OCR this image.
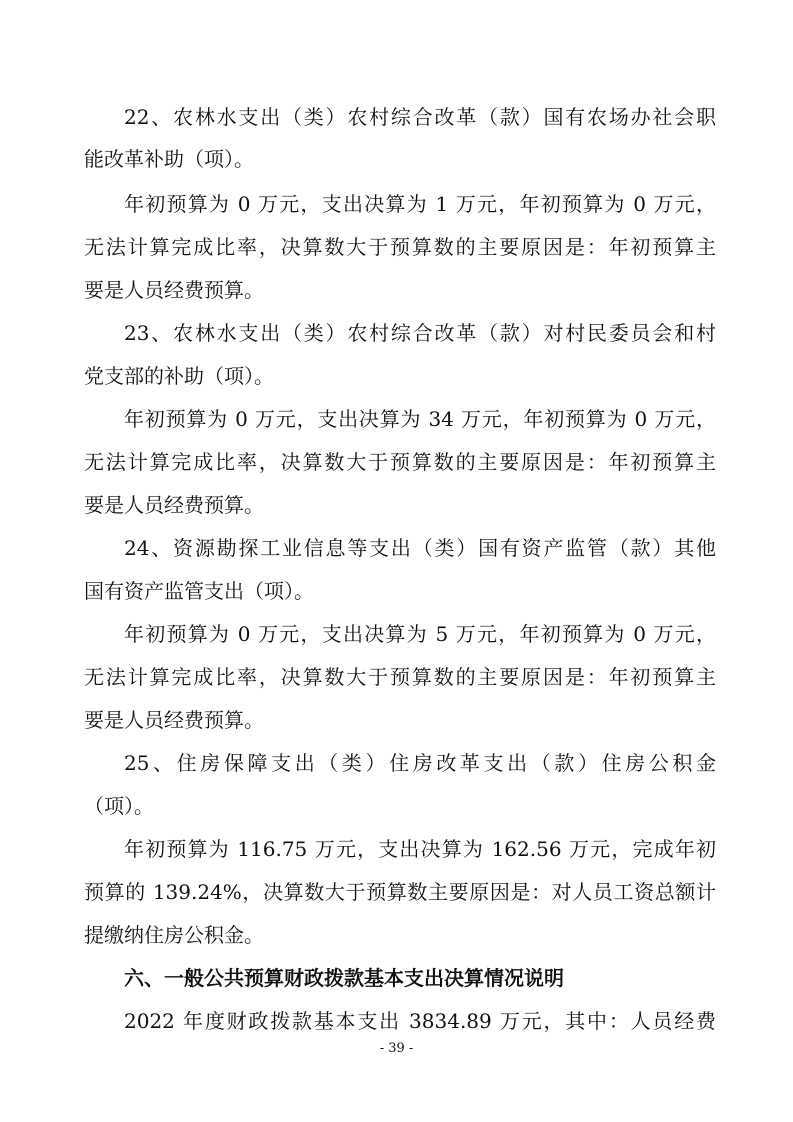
22、农林水支出（类）农村综合改革（款）国有农场办社会职
能改革补助（项）。
年初预算为 0 万元，支出决算为 1 万元，年初预算为 0 万元，
无法计算完成比率，决算数大于预算数的主要原因是：年初预算主
要是人员经费预算。
23、农林水支出（类）农村综合改革（款）对村民委员会和村
党支部的补助（项）。
年初预算为 0 万元，支出决算为 34 万元，年初预算为 0 万元，
无法计算完成比率，决算数大于预算数的主要原因是：年初预算主
要是人员经费预算。
24、资源勘探工业信息等支出（类）国有资产监管（款）其他
国有资产监管支出（项）。
年初预算为 0 万元，支出决算为 5 万元，年初预算为 0 万元，
无法计算完成比率，决算数大于预算数的主要原因是：年初预算主
要是人员经费预算。
25、住房保障支出（类）住房改革支出（款）住房公积金
（项）。
年初预算为 116.75 万元，支出决算为 162.56 万元，完成年初
预算的 139.24%，决算数大于预算数主要原因是：对人员工资总额计
提缴纳住房公积金。
六、一般公共预算财政拨款基本支出决算情况说明
2022 年度财政拨款基本支出 3834.89 万元，其中：人员经费
- 39 -
